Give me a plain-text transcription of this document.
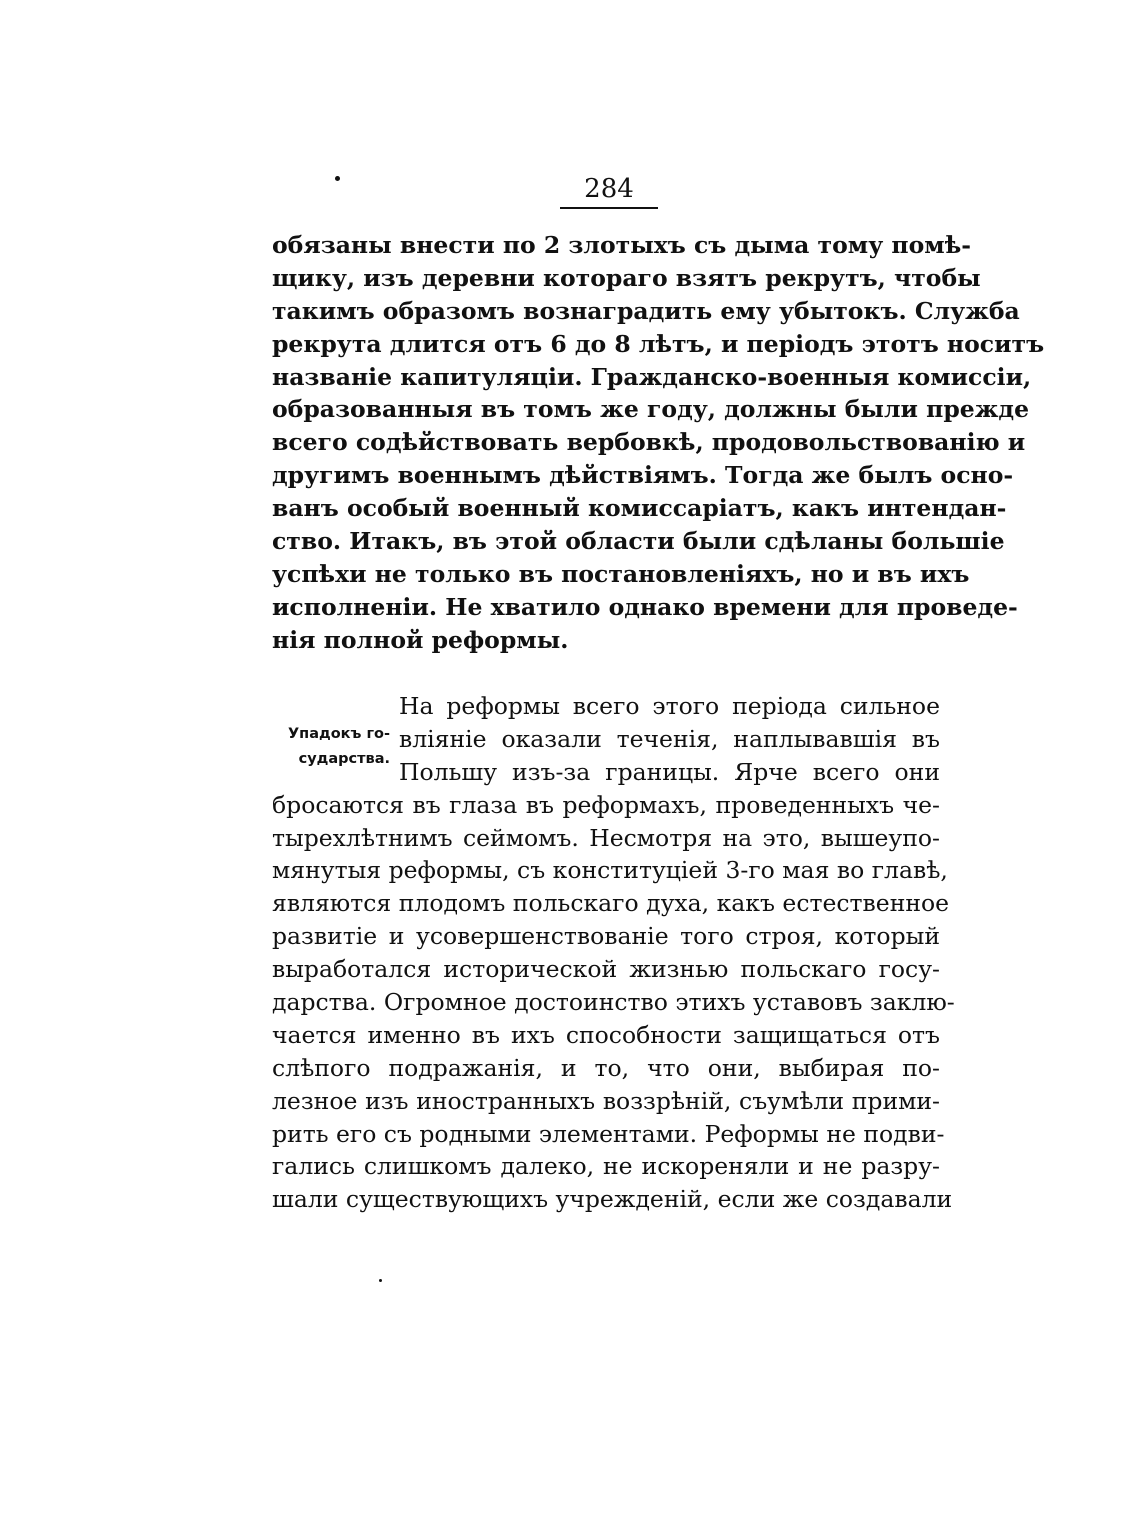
284
обязаны внести по 2 злотыхъ съ дыма тому помѣ-
щику, изъ деревни котораго взятъ рекрутъ, чтобы
такимъ образомъ вознаградить ему убытокъ. Служба
рекрута длится отъ 6 до 8 лѣтъ, и періодъ этотъ носитъ
названіе капитуляціи. Гражданско-военныя комиссіи,
образованныя въ томъ же году, должны были прежде
всего содѣйствовать вербовкѣ, продовольствованію и
другимъ военнымъ дѣйствіямъ. Тогда же былъ осно-
ванъ особый военный комиссаріатъ, какъ интендан-
ство. Итакъ, въ этой области были сдѣланы большіе
успѣхи не только въ постановленіяхъ, но и въ ихъ
исполненіи. Не хватило однако времени для проведе-
нія полной реформы.
Упадокъ го-
сударства.
На реформы всего этого періода сильное
вліяніе оказали теченія, наплывавшія въ
Польшу изъ-за границы. Ярче всего они
бросаются въ глаза въ реформахъ, проведенныхъ че-
тырехлѣтнимъ сеймомъ. Несмотря на это, вышеупо-
мянутыя реформы, съ конституціей 3-го мая во главѣ,
являются плодомъ польскаго духа, какъ естественное
развитіе и усовершенствованіе того строя, который
выработался исторической жизнью польскаго госу-
дарства. Огромное достоинство этихъ уставовъ заклю-
чается именно въ ихъ способности защищаться отъ
слѣпого подражанія, и то, что они, выбирая по-
лезное изъ иностранныхъ воззрѣній, съумѣли прими-
рить его съ родными элементами. Реформы не подви-
гались слишкомъ далеко, не искореняли и не разру-
шали существующихъ учрежденій, если же создавали
